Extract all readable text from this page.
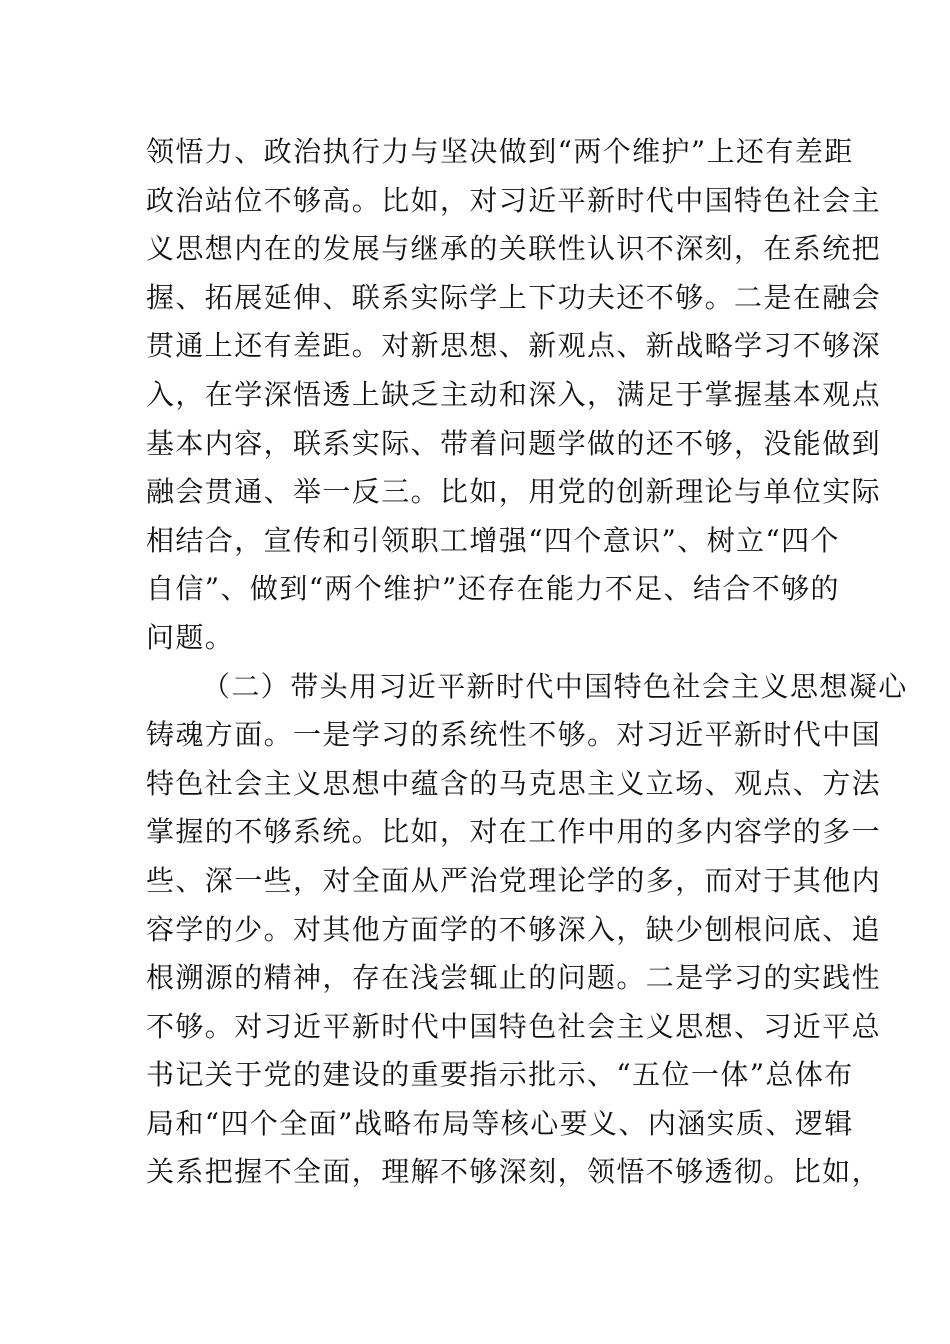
领悟力、政治执行力与坚决做到“两个维护”上还有差距
政治站位不够高。比如，对习近平新时代中国特色社会主
义思想内在的发展与继承的关联性认识不深刻，在系统把
握、拓展延伸、联系实际学上下功夫还不够。二是在融会
贯通上还有差距。对新思想、新观点、新战略学习不够深
入，在学深悟透上缺乏主动和深入，满足于掌握基本观点
基本内容，联系实际、带着问题学做的还不够，没能做到
融会贯通、举一反三。比如，用党的创新理论与单位实际
相结合，宣传和引领职工增强“四个意识”、树立“四个
自信”、做到“两个维护”还存在能力不足、结合不够的
问题。
（二）带头用习近平新时代中国特色社会主义思想凝心
铸魂方面。一是学习的系统性不够。对习近平新时代中国
特色社会主义思想中蕴含的马克思主义立场、观点、方法
掌握的不够系统。比如，对在工作中用的多内容学的多一
些、深一些，对全面从严治党理论学的多，而对于其他内
容学的少。对其他方面学的不够深入，缺少刨根问底、追
根溯源的精神，存在浅尝辄止的问题。二是学习的实践性
不够。对习近平新时代中国特色社会主义思想、习近平总
书记关于党的建设的重要指示批示、“五位一体”总体布
局和“四个全面”战略布局等核心要义、内涵实质、逻辑
关系把握不全面，理解不够深刻，领悟不够透彻。比如，
